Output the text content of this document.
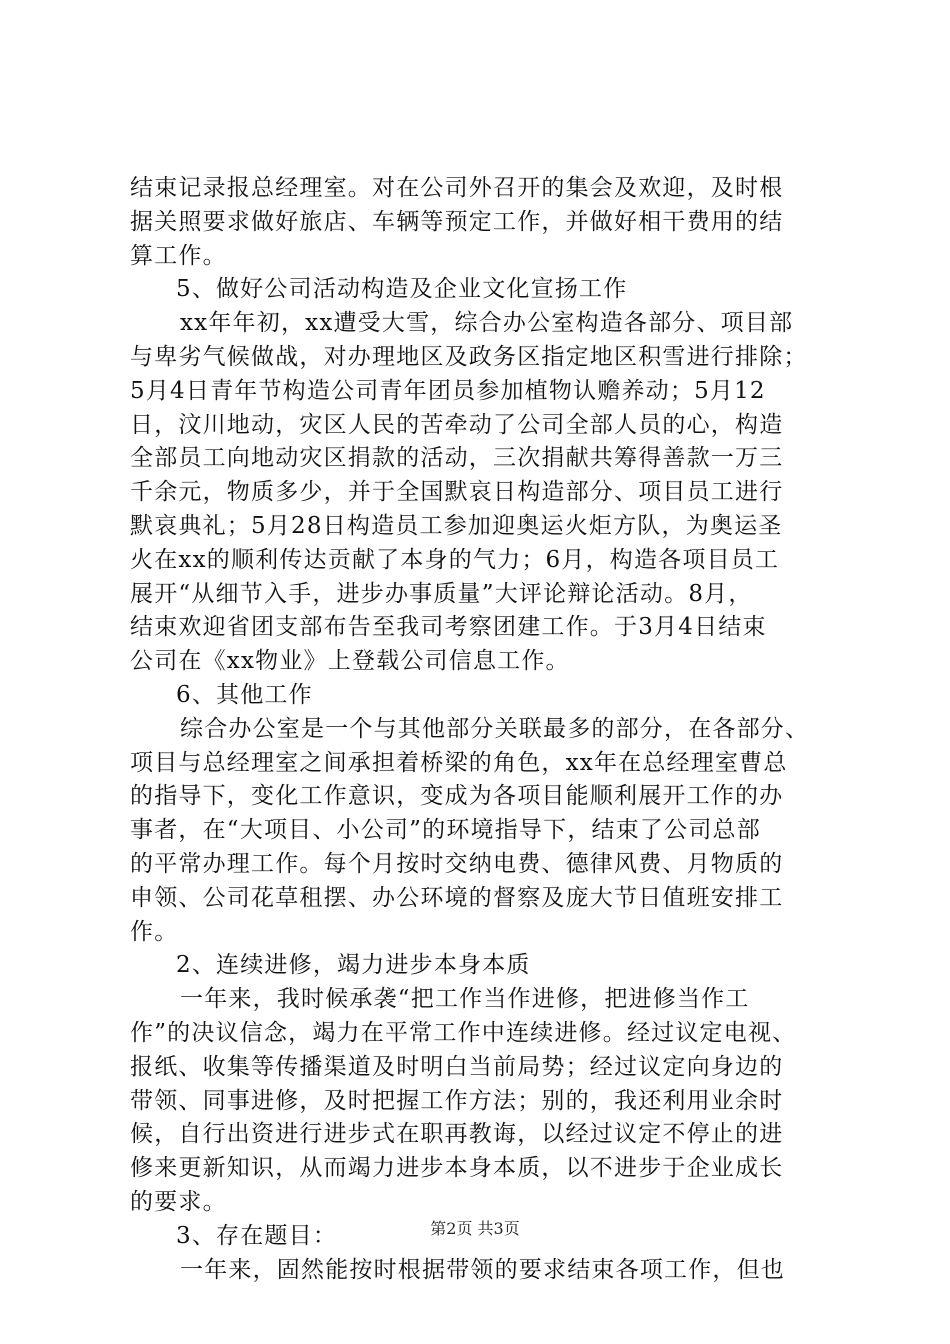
结束记录报总经理室。对在公司外召开的集会及欢迎，及时根
据关照要求做好旅店、车辆等预定工作，并做好相干费用的结
算工作。
5、做好公司活动构造及企业文化宣扬工作
xx年年初，xx遭受大雪，综合办公室构造各部分、项目部
与卑劣气候做战，对办理地区及政务区指定地区积雪进行排除；
5月4日青年节构造公司青年团员参加植物认赡养动；5月12
日，汶川地动，灾区人民的苦牵动了公司全部人员的心，构造
全部员工向地动灾区捐款的活动，三次捐献共筹得善款一万三
千余元，物质多少，并于全国默哀日构造部分、项目员工进行
默哀典礼；5月28日构造员工参加迎奥运火炬方队，为奥运圣
火在xx的顺利传达贡献了本身的气力；6月，构造各项目员工
展开“从细节入手，进步办事质量”大评论辩论活动。8月，
结束欢迎省团支部布告至我司考察团建工作。于3月4日结束
公司在《xx物业》上登载公司信息工作。
6、其他工作
综合办公室是一个与其他部分关联最多的部分，在各部分、
项目与总经理室之间承担着桥梁的角色，xx年在总经理室曹总
的指导下，变化工作意识，变成为各项目能顺利展开工作的办
事者，在“大项目、小公司”的环境指导下，结束了公司总部
的平常办理工作。每个月按时交纳电费、德律风费、月物质的
申领、公司花草租摆、办公环境的督察及庞大节日值班安排工
作。
2、连续进修，竭力进步本身本质
一年来，我时候承袭“把工作当作进修，把进修当作工
作”的决议信念，竭力在平常工作中连续进修。经过议定电视、
报纸、收集等传播渠道及时明白当前局势；经过议定向身边的
带领、同事进修，及时把握工作方法；别的，我还利用业余时
候，自行出资进行进步式在职再教诲，以经过议定不停止的进
修来更新知识，从而竭力进步本身本质，以不进步于企业成长
的要求。
3、存在题目：
一年来，固然能按时根据带领的要求结束各项工作，但也
第2页 共3页
